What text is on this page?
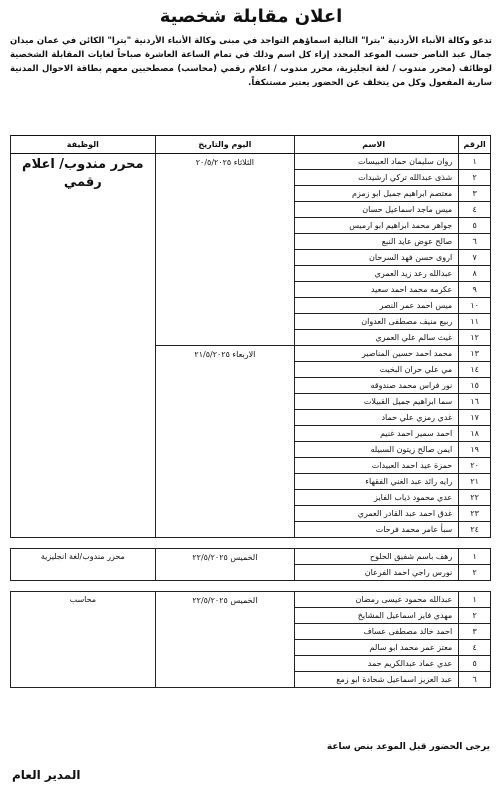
اعلان مقابلة شخصية
تدعو وكالة الأنباء الأردنية "بترا" التالية اسماؤهم التواجد في مبنى وكالة الأنباء الأردنية "بترا" الكائن في عمان ميدان جمال عبد الناصر حسب الموعد المحدد إزاء كل اسم وذلك في تمام الساعة العاشرة صباحاً لغايات المقابلة الشخصية لوظائف (محرر مندوب / لغة انجليزية، محرر مندوب / اعلام رقمي (محاسب) مصطحبين معهم بطاقة الاحوال المدنية سارية المفعول وكل من يتخلف عن الحضور يعتبر مستنكفاً.
الرقم	الاسم	اليوم والتاريخ	الوظيفة
١	روان سليمان حماد العبيسات	الثلاثاء ٢٠/٥/٢٠٢٥	محرر مندوب/ اعلام رقمي
٢	شذى عبدالله تركي ارشيدات		
٣	معتصم ابراهيم جميل ابو زمزم		
٤	ميس ماجد اسماعيل حسان		
٥	جواهر محمد ابراهيم ابو ارميس		
٦	صالح عوض عايد النبع		
٧	اروى حسن فهد السرحان		
٨	عبدالله رعد زيد العمري		
٩	عكرمه محمد احمد سعيد		
١٠	ميس احمد عمر النصر		
١١	ربيع منيف مصطفى العدوان		
١٢	غيث سالم علي العمري		
١٣	محمد احمد حسين المناصير	الاربعاء ٢١/٥/٢٠٢٥	
١٤	مي علي حران البخيت		
١٥	نور فراس محمد صندوقه		
١٦	سما ابراهيم جميل القبيلات		
١٧	غدي رمزي علي حماد		
١٨	احمد سمير احمد غنيم		
١٩	ايمن صالح زيتون السبيله		
٢٠	حمزة عيد احمد العبيدات		
٢١	رايه رائد عبد الغني الفقهاء		
٢٢	عدي محمود ذياب الفايز		
٢٣	غدق احمد عبد القادر العمري		
٢٤	سبأ عامر محمد فرحات		

١	رهف باسم شفيق الحلوح	الخميس ٢٢/٥/٢٠٢٥	محرر مندوب/لغة انجليزية
٢	نورس راجي احمد الفرعان		

١	عبدالله محمود عيسى رمضان	الخميس ٢٢/٥/٢٠٢٥	محاسب
٢	مهدي فايز اسماعيل المشايخ		
٣	احمد خالد مصطفى عساف		
٤	معتز عمر محمد ابو سالم		
٥	عدي عماد عبدالكريم حمد		
٦	عبد العزيز اسماعيل شحادة ابو زمع		
يرجى الحضور قبل الموعد بنص ساعة
المدير العام
